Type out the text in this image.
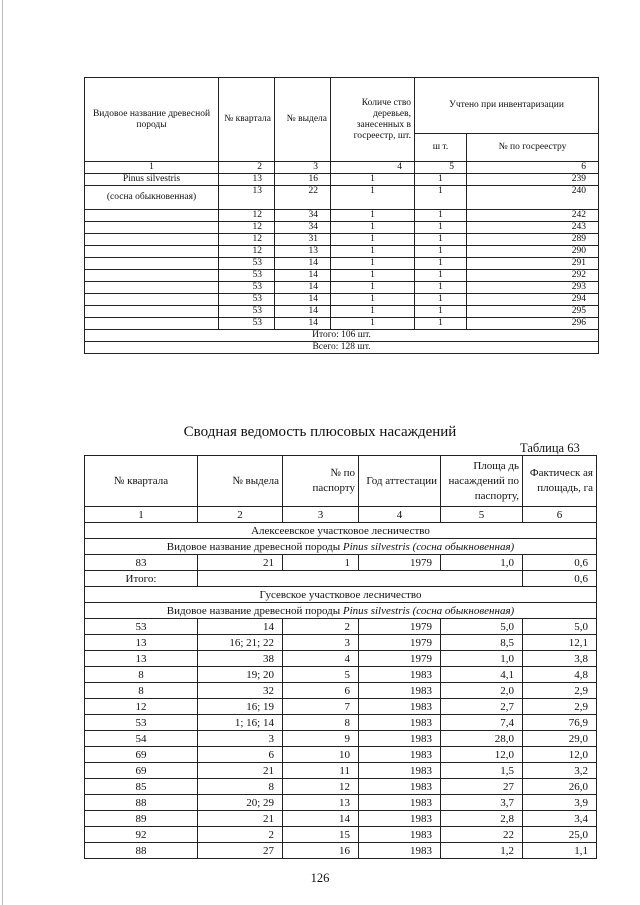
Видовое название древесной породы	№ квартала	№ выдела	Количе ство деревьев, занесенных в госреестр, шт.	Учтено при инвентаризации	
				ш т.	№ по госреестру
1	2	3	4	5	6
Pinus silvestris	13	16	1	1	239
(сосна обыкновенная)	13	22	1	1	240
	12	34	1	1	242
	12	34	1	1	243
	12	31	1	1	289
	12	13	1	1	290
	53	14	1	1	291
	53	14	1	1	292
	53	14	1	1	293
	53	14	1	1	294
	53	14	1	1	295
	53	14	1	1	296
Итого: 106 шт.					
Всего: 128 шт.					
Сводная ведомость плюсовых насаждений
Таблица 63
№ квартала	№ выдела	№ по паспорту	Год аттестации	Площа дь насаждений по паспорту,	Фактическ ая площадь, га
1	2	3	4	5	6
Алексеевское участковое лесничество					
Видовое название древесной породы Pinus silvestris (сосна обыкновенная)					
83	21	1	1979	1,0	0,6
Итого:					0,6
Гусевское участковое лесничество					
Видовое название древесной породы Pinus silvestris (сосна обыкновенная)					
53	14	2	1979	5,0	5,0
13	16; 21; 22	3	1979	8,5	12,1
13	38	4	1979	1,0	3,8
8	19; 20	5	1983	4,1	4,8
8	32	6	1983	2,0	2,9
12	16; 19	7	1983	2,7	2,9
53	1; 16; 14	8	1983	7,4	76,9
54	3	9	1983	28,0	29,0
69	6	10	1983	12,0	12,0
69	21	11	1983	1,5	3,2
85	8	12	1983	27	26,0
88	20; 29	13	1983	3,7	3,9
89	21	14	1983	2,8	3,4
92	2	15	1983	22	25,0
88	27	16	1983	1,2	1,1
126
